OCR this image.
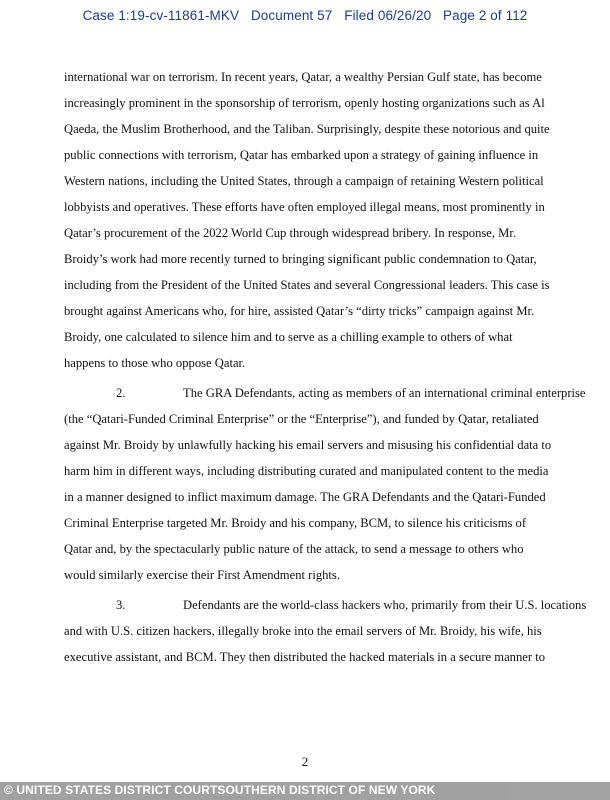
Case 1:19-cv-11861-MKV Document 57 Filed 06/26/20 Page 2 of 112

international war on terrorism. In recent years, Qatar, a wealthy Persian Gulf state, has become
increasingly prominent in the sponsorship of terrorism, openly hosting organizations such as Al
Qaeda, the Muslim Brotherhood, and the Taliban. Surprisingly, despite these notorious and quite
public connections with terrorism, Qatar has embarked upon a strategy of gaining influence in
Western nations, including the United States, through a campaign of retaining Western political
lobbyists and operatives. These efforts have often employed illegal means, most prominently in
Qatar’s procurement of the 2022 World Cup through widespread bribery. In response, Mr.
Broidy’s work had more recently turned to bringing significant public condemnation to Qatar,
including from the President of the United States and several Congressional leaders. This case is
brought against Americans who, for hire, assisted Qatar’s “dirty tricks” campaign against Mr.
Broidy, one calculated to silence him and to serve as a chilling example to others of what
happens to those who oppose Qatar.

2.	The GRA Defendants, acting as members of an international criminal enterprise
(the “Qatari-Funded Criminal Enterprise” or the “Enterprise”), and funded by Qatar, retaliated
against Mr. Broidy by unlawfully hacking his email servers and misusing his confidential data to
harm him in different ways, including distributing curated and manipulated content to the media
in a manner designed to inflict maximum damage. The GRA Defendants and the Qatari-Funded
Criminal Enterprise targeted Mr. Broidy and his company, BCM, to silence his criticisms of
Qatar and, by the spectacularly public nature of the attack, to send a message to others who
would similarly exercise their First Amendment rights.

3.	Defendants are the world-class hackers who, primarily from their U.S. locations
and with U.S. citizen hackers, illegally broke into the email servers of Mr. Broidy, his wife, his
executive assistant, and BCM. They then distributed the hacked materials in a secure manner to

2
© UNITED STATES DISTRICT COURTSOUTHERN DISTRICT OF NEW YORK
